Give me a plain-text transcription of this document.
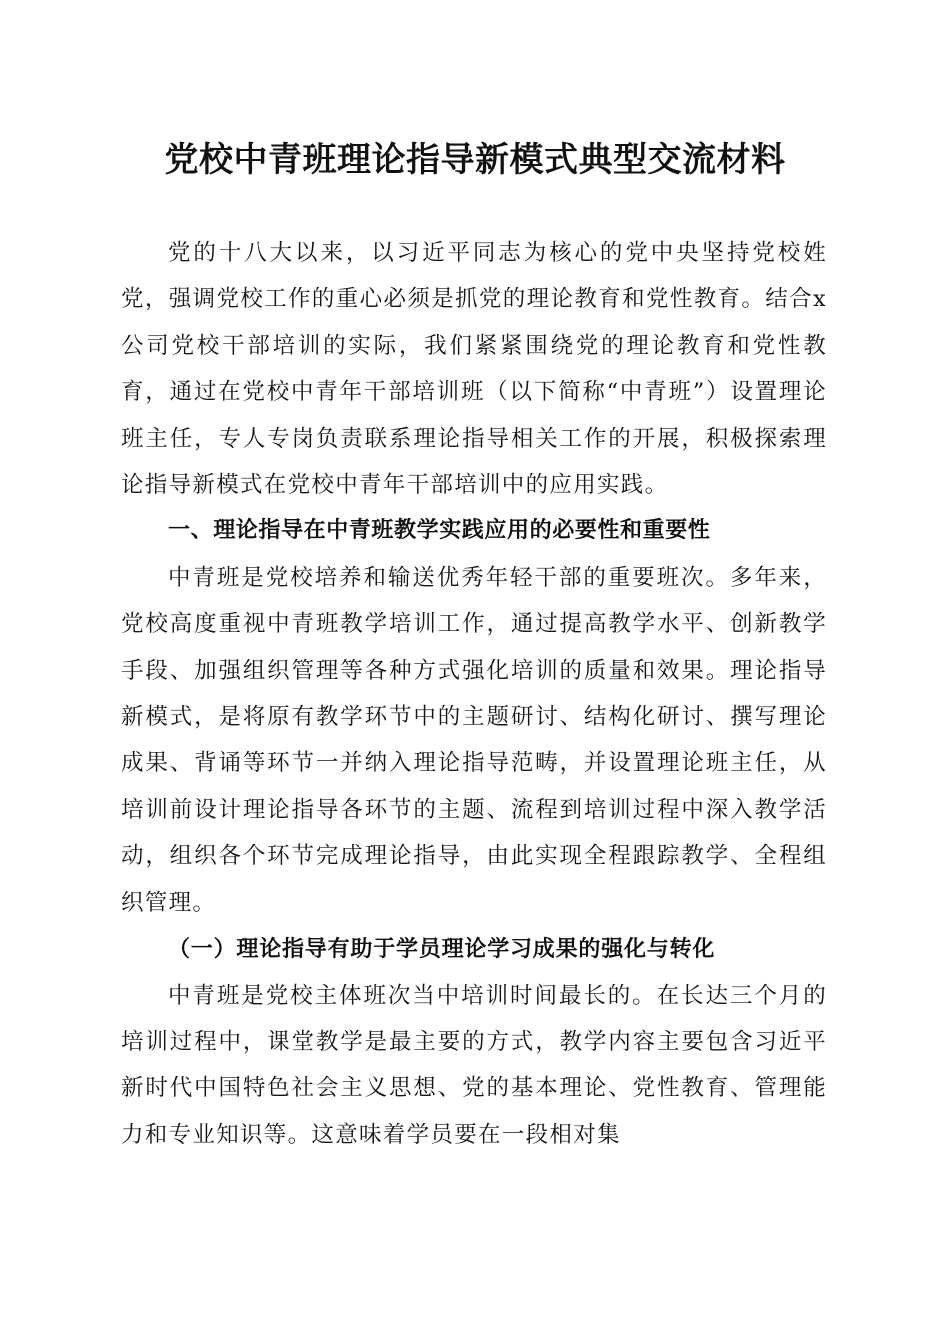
党校中青班理论指导新模式典型交流材料

党的十八大以来，以习近平同志为核心的党中央坚持党校姓党，强调党校工作的重心必须是抓党的理论教育和党性教育。结合x公司党校干部培训的实际，我们紧紧围绕党的理论教育和党性教育，通过在党校中青年干部培训班（以下简称“中青班”）设置理论班主任，专人专岗负责联系理论指导相关工作的开展，积极探索理论指导新模式在党校中青年干部培训中的应用实践。

一、理论指导在中青班教学实践应用的必要性和重要性

中青班是党校培养和输送优秀年轻干部的重要班次。多年来，党校高度重视中青班教学培训工作，通过提高教学水平、创新教学手段、加强组织管理等各种方式强化培训的质量和效果。理论指导新模式，是将原有教学环节中的主题研讨、结构化研讨、撰写理论成果、背诵等环节一并纳入理论指导范畴，并设置理论班主任，从培训前设计理论指导各环节的主题、流程到培训过程中深入教学活动，组织各个环节完成理论指导，由此实现全程跟踪教学、全程组织管理。

（一）理论指导有助于学员理论学习成果的强化与转化

中青班是党校主体班次当中培训时间最长的。在长达三个月的培训过程中，课堂教学是最主要的方式，教学内容主要包含习近平新时代中国特色社会主义思想、党的基本理论、党性教育、管理能力和专业知识等。这意味着学员要在一段相对集
